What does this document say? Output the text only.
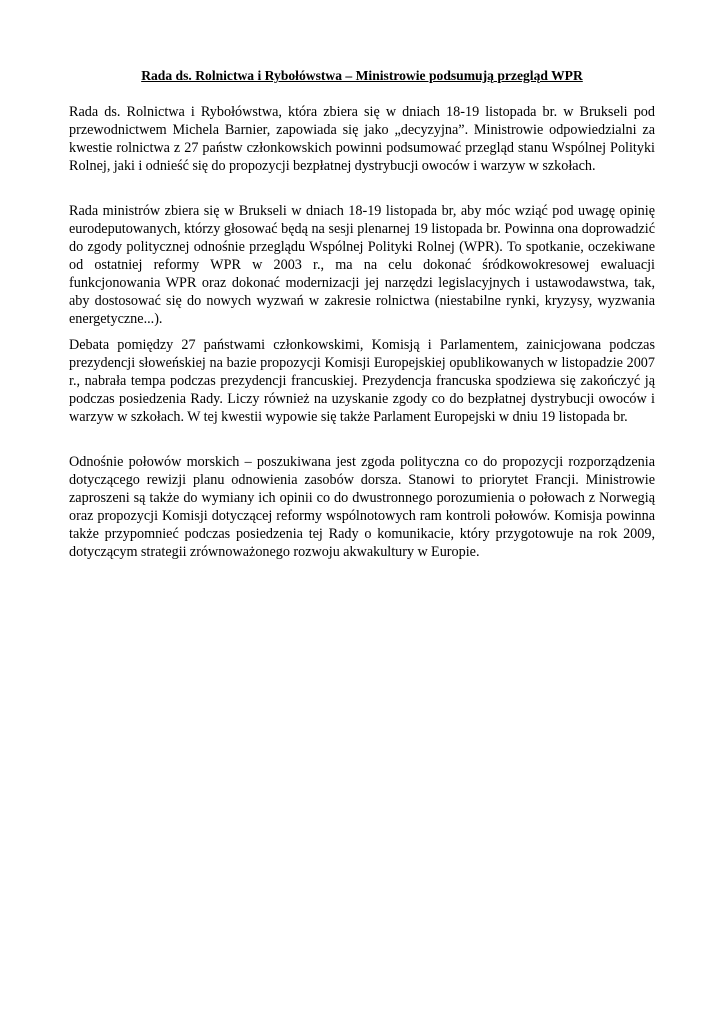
Rada ds. Rolnictwa i Rybołówstwa – Ministrowie podsumują przegląd WPR

Rada ds. Rolnictwa i Rybołówstwa, która zbiera się w dniach 18-19 listopada br. w Brukseli pod przewodnictwem Michela Barnier, zapowiada się jako „decyzyjna”. Ministrowie odpowiedzialni za kwestie rolnictwa z 27 państw członkowskich powinni podsumować przegląd stanu Wspólnej Polityki Rolnej, jaki i odnieść się do propozycji bezpłatnej dystrybucji owoców i warzyw w szkołach.

Rada ministrów zbiera się w Brukseli w dniach 18-19 listopada br, aby móc wziąć pod uwagę opinię eurodeputowanych, którzy głosować będą na sesji plenarnej 19 listopada br. Powinna ona doprowadzić do zgody politycznej odnośnie przeglądu Wspólnej Polityki Rolnej (WPR). To spotkanie, oczekiwane od ostatniej reformy WPR w 2003 r., ma na celu dokonać śródkowokresowej ewaluacji funkcjonowania WPR oraz dokonać modernizacji jej narzędzi legislacyjnych i ustawodawstwa, tak, aby dostosować się do nowych wyzwań w zakresie rolnictwa (niestabilne rynki, kryzysy, wyzwania energetyczne...).

Debata pomiędzy 27 państwami członkowskimi, Komisją i Parlamentem, zainicjowana podczas prezydencji słoweńskiej na bazie propozycji Komisji Europejskiej opublikowanych w listopadzie 2007 r., nabrała tempa podczas prezydencji francuskiej. Prezydencja francuska spodziewa się zakończyć ją podczas posiedzenia Rady. Liczy również na uzyskanie zgody co do bezpłatnej dystrybucji owoców i warzyw w szkołach. W tej kwestii wypowie się także Parlament Europejski w dniu 19 listopada br.

Odnośnie połowów morskich – poszukiwana jest zgoda polityczna co do propozycji rozporządzenia dotyczącego rewizji planu odnowienia zasobów dorsza. Stanowi to priorytet Francji. Ministrowie zaproszeni są także do wymiany ich opinii co do dwustronnego porozumienia o połowach z Norwegią oraz propozycji Komisji dotyczącej reformy wspólnotowych ram kontroli połowów. Komisja powinna także przypomnieć podczas posiedzenia tej Rady o komunikacie, który przygotowuje na rok 2009, dotyczącym strategii zrównoważonego rozwoju akwakultury w Europie.
